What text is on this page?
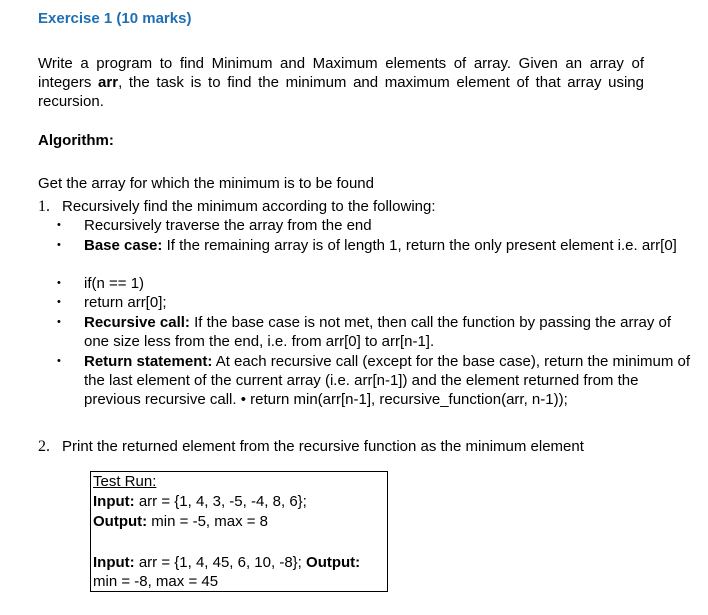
Exercise 1 (10 marks)
Write a program to find Minimum and Maximum elements of array. Given an array of integers arr, the task is to find the minimum and maximum element of that array using recursion.
Algorithm:
Get the array for which the minimum is to be found
1. Recursively find the minimum according to the following:
• Recursively traverse the array from the end
• Base case: If the remaining array is of length 1, return the only present element i.e. arr[0]
• if(n == 1)
• return arr[0];
• Recursive call: If the base case is not met, then call the function by passing the array of one size less from the end, i.e. from arr[0] to arr[n-1].
• Return statement: At each recursive call (except for the base case), return the minimum of the last element of the current array (i.e. arr[n-1]) and the element returned from the previous recursive call. • return min(arr[n-1], recursive_function(arr, n-1));
2. Print the returned element from the recursive function as the minimum element
Test Run:
Input: arr = {1, 4, 3, -5, -4, 8, 6};
Output: min = -5, max = 8
Input: arr = {1, 4, 45, 6, 10, -8}; Output:
min = -8, max = 45
